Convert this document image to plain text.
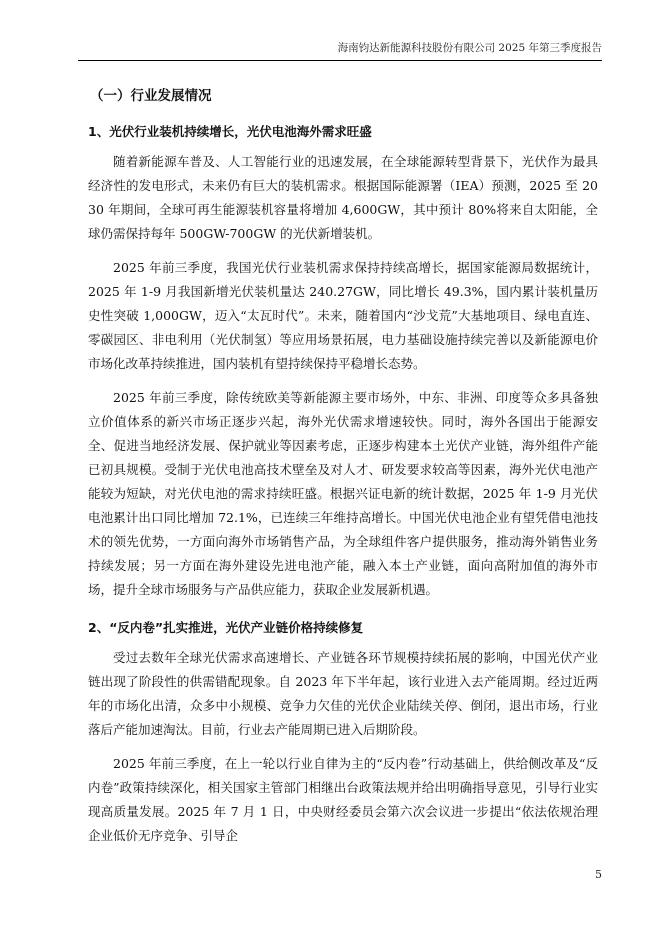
海南钧达新能源科技股份有限公司 2025 年第三季度报告
（一）行业发展情况
1、光伏行业装机持续增长，光伏电池海外需求旺盛

随着新能源车普及、人工智能行业的迅速发展，在全球能源转型背景下，光伏作为最具经济性的发电形式，未来仍有巨大的装机需求。根据国际能源署（IEA）预测，2025 至 2030 年期间，全球可再生能源装机容量将增加 4,600GW，其中预计 80%将来自太阳能，全球仍需保持每年 500GW-700GW 的光伏新增装机。

2025 年前三季度，我国光伏行业装机需求保持持续高增长，据国家能源局数据统计， 2025 年 1-9 月我国新增光伏装机量达 240.27GW，同比增长 49.3%，国内累计装机量历史性突破 1,000GW，迈入“太瓦时代”。未来，随着国内“沙戈荒”大基地项目、绿电直连、零碳园区、非电利用（光伏制氢）等应用场景拓展，电力基础设施持续完善以及新能源电价市场化改革持续推进，国内装机有望持续保持平稳增长态势。

2025 年前三季度，除传统欧美等新能源主要市场外，中东、非洲、印度等众多具备独立价值体系的新兴市场正逐步兴起，海外光伏需求增速较快。同时，海外各国出于能源安全、促进当地经济发展、保护就业等因素考虑，正逐步构建本土光伏产业链，海外组件产能已初具规模。受制于光伏电池高技术壁垒及对人才、研发要求较高等因素，海外光伏电池产能较为短缺，对光伏电池的需求持续旺盛。根据兴证电新的统计数据，2025 年 1-9 月光伏电池累计出口同比增加 72.1%，已连续三年维持高增长。中国光伏电池企业有望凭借电池技术的领先优势，一方面向海外市场销售产品，为全球组件客户提供服务，推动海外销售业务持续发展；另一方面在海外建设先进电池产能，融入本土产业链，面向高附加值的海外市场，提升全球市场服务与产品供应能力，获取企业发展新机遇。

2、“反内卷”扎实推进，光伏产业链价格持续修复

受过去数年全球光伏需求高速增长、产业链各环节规模持续拓展的影响，中国光伏产业链出现了阶段性的供需错配现象。自 2023 年下半年起，该行业进入去产能周期。经过近两年的市场化出清，众多中小规模、竞争力欠佳的光伏企业陆续关停、倒闭，退出市场，行业落后产能加速淘汰。目前，行业去产能周期已进入后期阶段。

2025 年前三季度，在上一轮以行业自律为主的“反内卷”行动基础上，供给侧改革及“反内卷”政策持续深化，相关国家主管部门相继出台政策法规并给出明确指导意见，引导行业实现高质量发展。2025 年 7 月 1 日，中央财经委员会第六次会议进一步提出“依法依规治理企业低价无序竞争、引导企

5
